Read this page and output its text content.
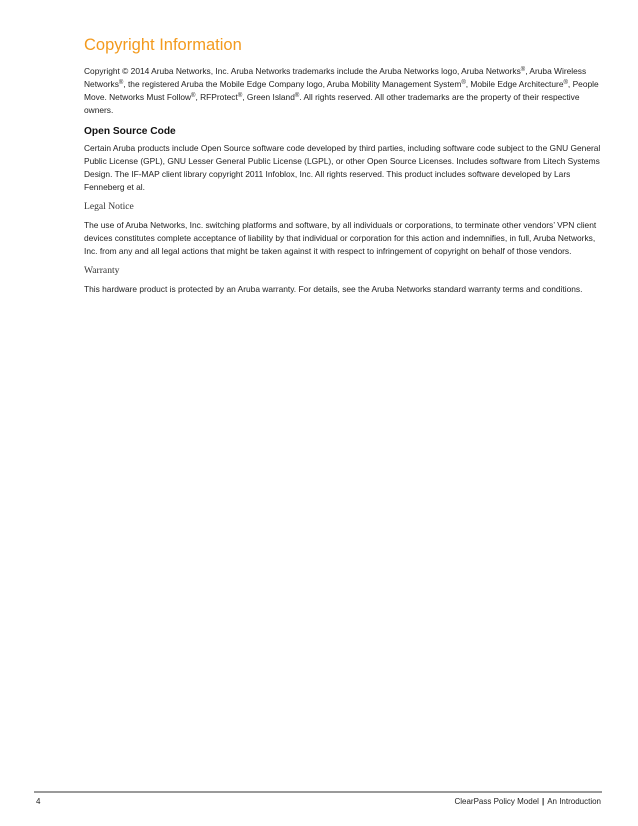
Copyright Information

Copyright © 2014 Aruba Networks, Inc. Aruba Networks trademarks include the Aruba Networks logo, Aruba Networks®, Aruba Wireless Networks®, the registered Aruba the Mobile Edge Company logo, Aruba Mobility Management System®, Mobile Edge Architecture®, People Move. Networks Must Follow®, RFProtect®, Green Island®. All rights reserved. All other trademarks are the property of their respective owners.

Open Source Code

Certain Aruba products include Open Source software code developed by third parties, including software code subject to the GNU General Public License (GPL), GNU Lesser General Public License (LGPL), or other Open Source Licenses. Includes software from Litech Systems Design. The IF-MAP client library copyright 2011 Infoblox, Inc. All rights reserved. This product includes software developed by Lars Fenneberg et al.

Legal Notice

The use of Aruba Networks, Inc. switching platforms and software, by all individuals or corporations, to terminate other vendors’ VPN client devices constitutes complete acceptance of liability by that individual or corporation for this action and indemnifies, in full, Aruba Networks, Inc. from any and all legal actions that might be taken against it with respect to infringement of copyright on behalf of those vendors.

Warranty

This hardware product is protected by an Aruba warranty. For details, see the Aruba Networks standard warranty terms and conditions.

4	ClearPass Policy Model | An Introduction
